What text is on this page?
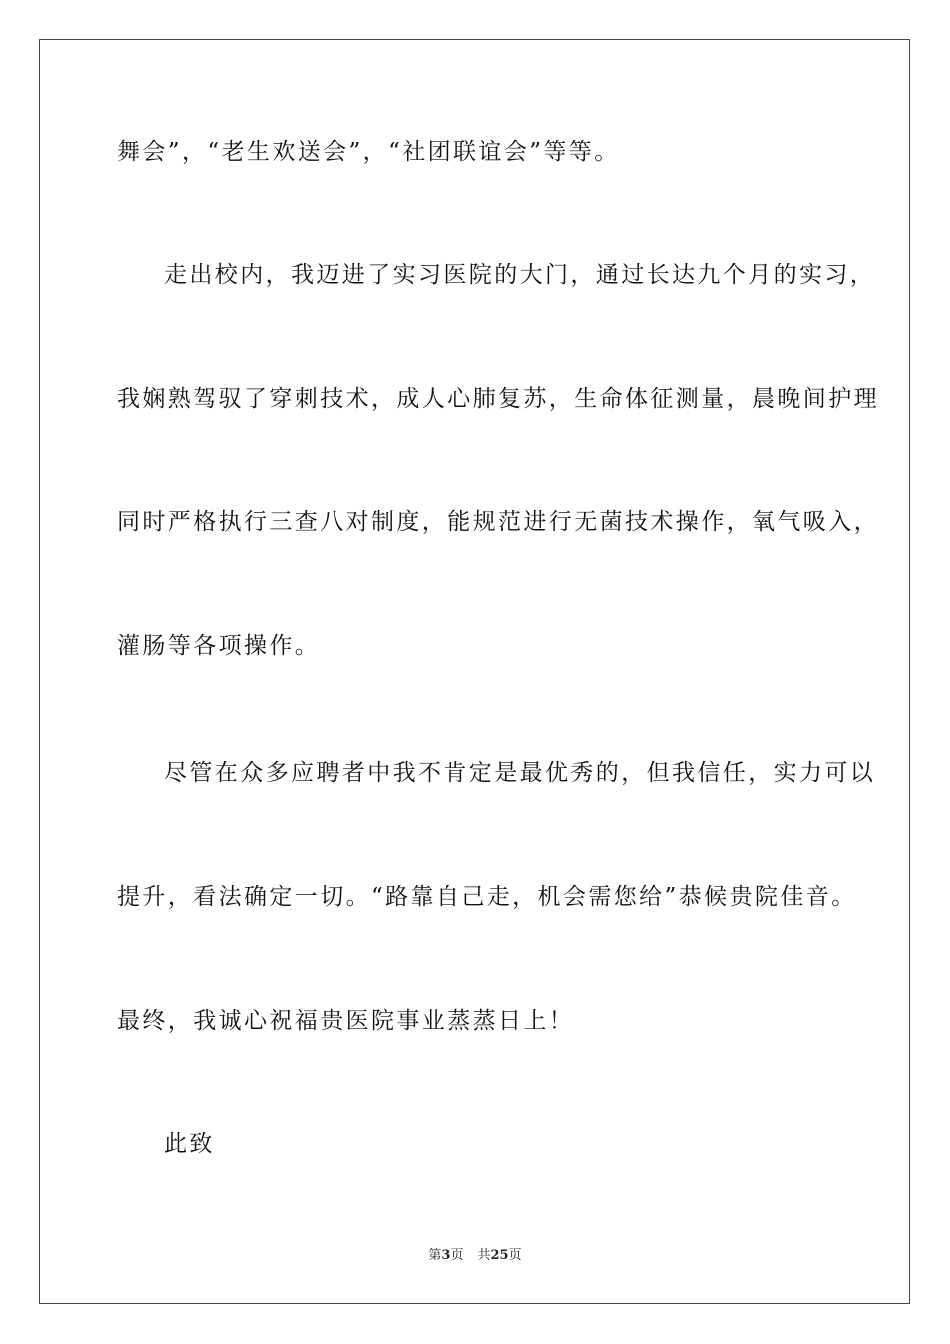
舞会”，“老生欢送会”，“社团联谊会”等等。
走出校内，我迈进了实习医院的大门，通过长达九个月的实习，
我娴熟驾驭了穿刺技术，成人心肺复苏，生命体征测量，晨晚间护理
同时严格执行三查八对制度，能规范进行无菌技术操作，氧气吸入，
灌肠等各项操作。
尽管在众多应聘者中我不肯定是最优秀的，但我信任，实力可以
提升，看法确定一切。“路靠自己走，机会需您给”恭候贵院佳音。
最终，我诚心祝福贵医院事业蒸蒸日上！
此致
第3页 共25页
